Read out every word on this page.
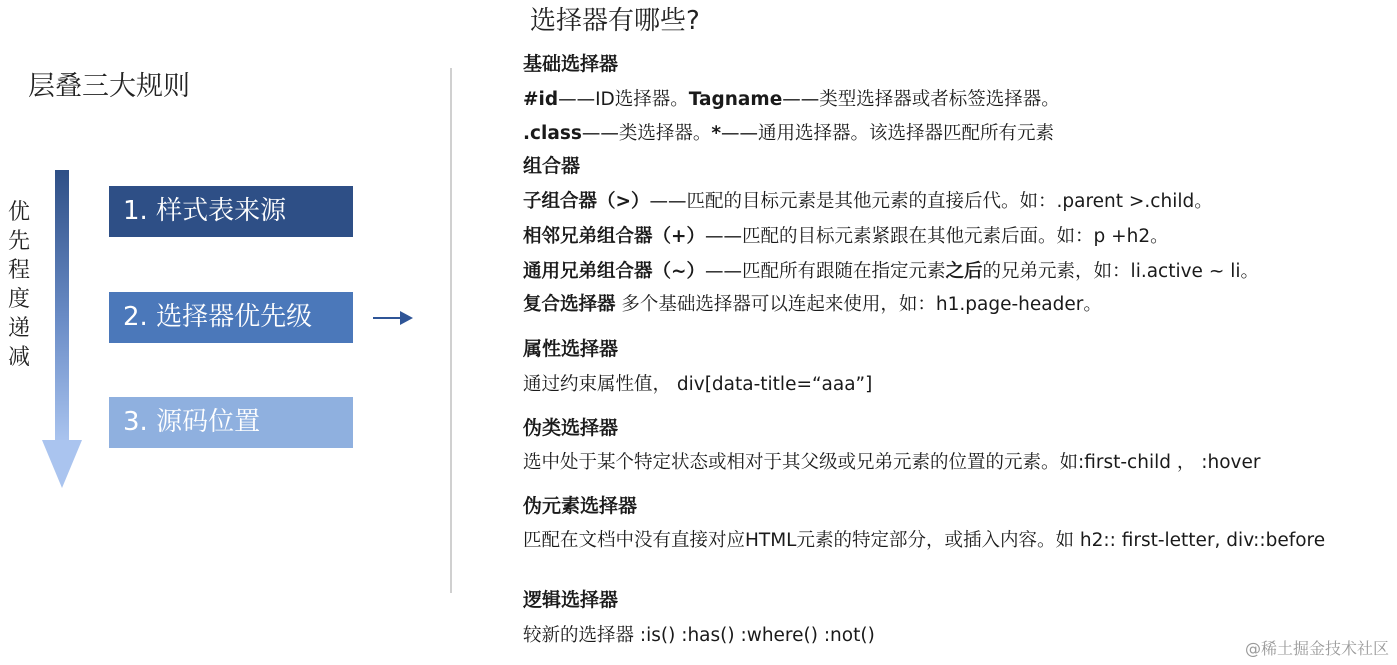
层叠三大规则
优
先
程
度
递
减
1. 样式表来源
2. 选择器优先级
3. 源码位置
选择器有哪些?
基础选择器
#id——ID选择器。Tagname——类型选择器或者标签选择器。
.class——类选择器。*——通用选择器。该选择器匹配所有元素
组合器
子组合器（>）——匹配的目标元素是其他元素的直接后代。如：.parent >.child。
相邻兄弟组合器（+）——匹配的目标元素紧跟在其他元素后面。如：p +h2。
通用兄弟组合器（~）——匹配所有跟随在指定元素之后的兄弟元素，如：li.active ~ li。
复合选择器 多个基础选择器可以连起来使用，如：h1.page-header。
属性选择器
通过约束属性值， div[data-title=“aaa”]
伪类选择器
选中处于某个特定状态或相对于其父级或兄弟元素的位置的元素。如:first-child ， :hover
伪元素选择器
匹配在文档中没有直接对应HTML元素的特定部分，或插入内容。如 h2:: first-letter, div::before
逻辑选择器
较新的选择器 :is() :has() :where() :not()
@稀土掘金技术社区
